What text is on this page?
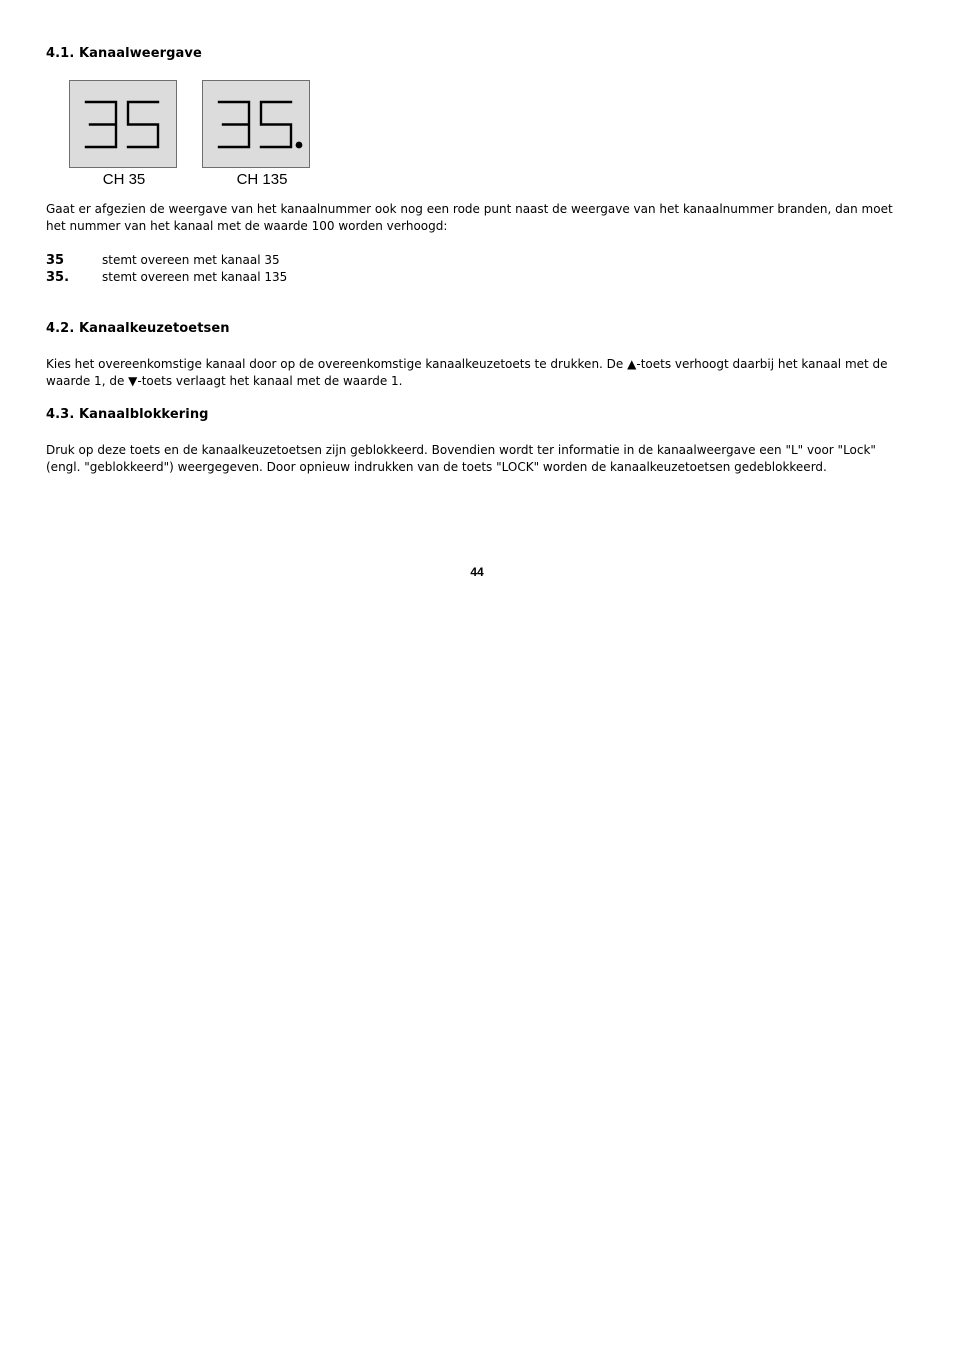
4.1. Kanaalweergave
CH 35	CH 135

Gaat er afgezien de weergave van het kanaalnummer ook nog een rode punt naast de weergave van het kanaalnummer branden, dan moet het nummer van het kanaal met de waarde 100 worden verhoogd:

35	stemt overeen met kanaal 35
35.	stemt overeen met kanaal 135
4.2. Kanaalkeuzetoetsen

Kies het overeenkomstige kanaal door op de overeenkomstige kanaalkeuzetoets te drukken. De ▲-toets verhoogt daarbij het kanaal met de waarde 1, de ▼-toets verlaagt het kanaal met de waarde 1.

4.3. Kanaalblokkering

Druk op deze toets en de kanaalkeuzetoetsen zijn geblokkeerd. Bovendien wordt ter informatie in de kanaalweergave een "L" voor "Lock" (engl. "geblokkeerd") weergegeven. Door opnieuw indrukken van de toets "LOCK" worden de kanaalkeuzetoetsen gedeblokkeerd.

44
